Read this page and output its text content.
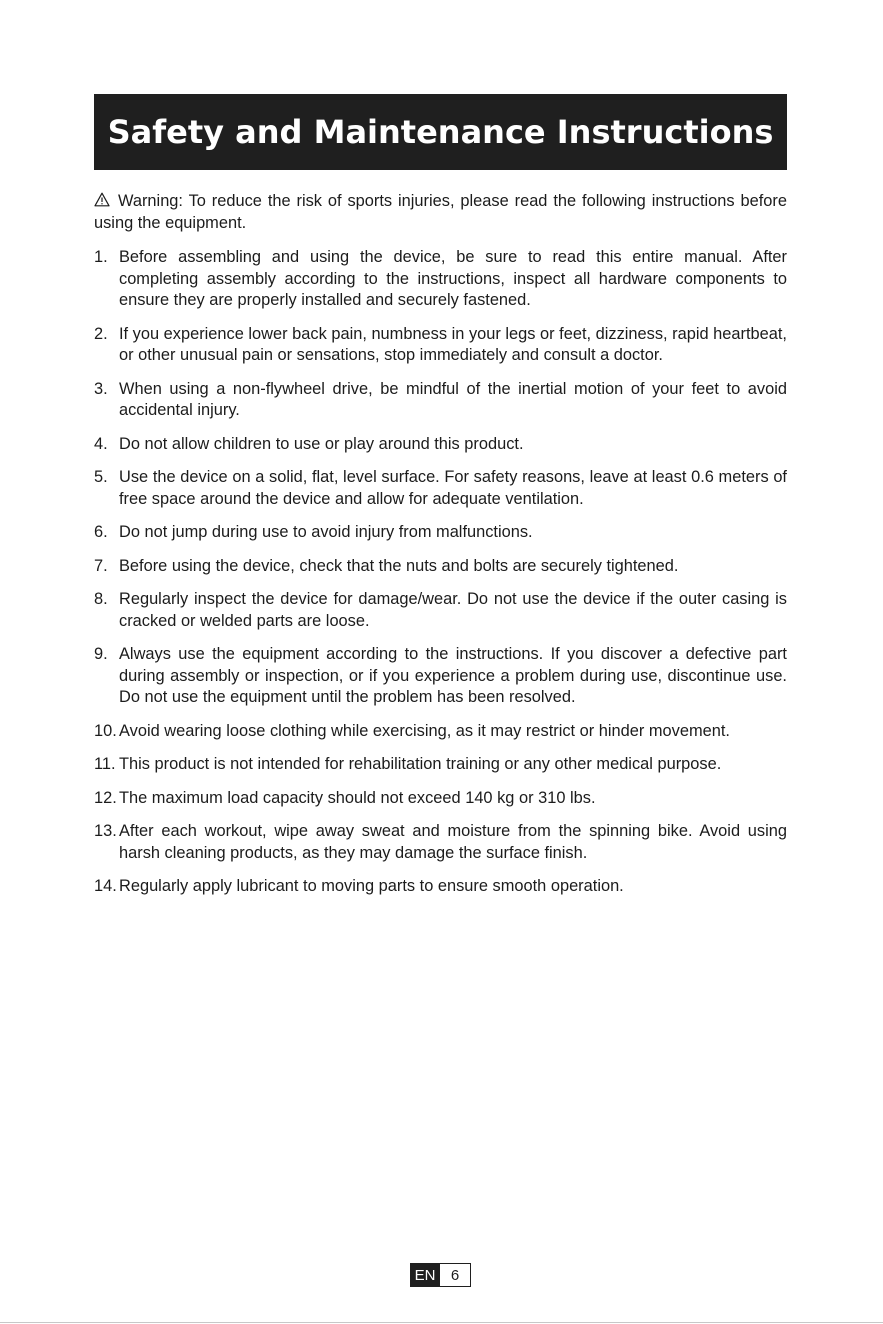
Safety and Maintenance Instructions
Warning: To reduce the risk of sports injuries, please read the following instructions before using the equipment.
1. Before assembling and using the device, be sure to read this entire manual. After completing assembly according to the instructions, inspect all hardware components to ensure they are properly installed and securely fastened.
2. If you experience lower back pain, numbness in your legs or feet, dizziness, rapid heartbeat, or other unusual pain or sensations, stop immediately and consult a doctor.
3. When using a non-flywheel drive, be mindful of the inertial motion of your feet to avoid accidental injury.
4. Do not allow children to use or play around this product.
5. Use the device on a solid, flat, level surface. For safety reasons, leave at least 0.6 meters of free space around the device and allow for adequate ventilation.
6. Do not jump during use to avoid injury from malfunctions.
7. Before using the device, check that the nuts and bolts are securely tightened.
8. Regularly inspect the device for damage/wear. Do not use the device if the outer casing is cracked or welded parts are loose.
9. Always use the equipment according to the instructions. If you discover a defective part during assembly or inspection, or if you experience a problem during use, discontinue use. Do not use the equipment until the problem has been resolved.
10. Avoid wearing loose clothing while exercising, as it may restrict or hinder movement.
11. This product is not intended for rehabilitation training or any other medical purpose.
12. The maximum load capacity should not exceed 140 kg or 310 lbs.
13. After each workout, wipe away sweat and moisture from the spinning bike. Avoid using harsh cleaning products, as they may damage the surface finish.
14. Regularly apply lubricant to moving parts to ensure smooth operation.
EN	6
